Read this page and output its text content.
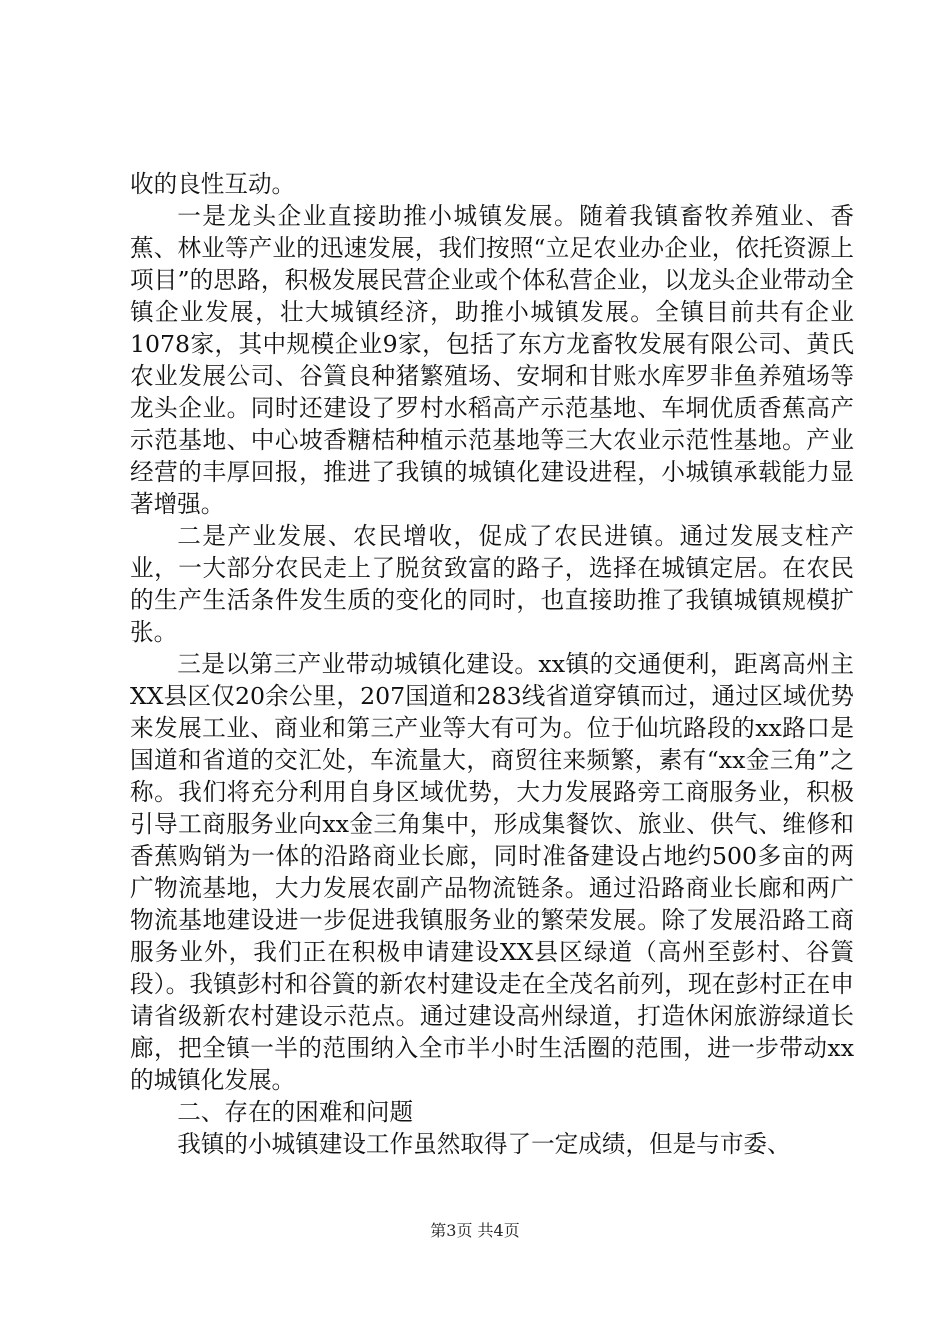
收的良性互动。

一是龙头企业直接助推小城镇发展。随着我镇畜牧养殖业、香蕉、林业等产业的迅速发展，我们按照“立足农业办企业，依托资源上项目”的思路，积极发展民营企业或个体私营企业，以龙头企业带动全镇企业发展，壮大城镇经济，助推小城镇发展。全镇目前共有企业1078家，其中规模企业9家，包括了东方龙畜牧发展有限公司、黄氏农业发展公司、谷篢良种猪繁殖场、安垌和甘账水库罗非鱼养殖场等龙头企业。同时还建设了罗村水稻高产示范基地、车垌优质香蕉高产示范基地、中心坡香糖桔种植示范基地等三大农业示范性基地。产业经营的丰厚回报，推进了我镇的城镇化建设进程，小城镇承载能力显著增强。

二是产业发展、农民增收，促成了农民进镇。通过发展支柱产业，一大部分农民走上了脱贫致富的路子，选择在城镇定居。在农民的生产生活条件发生质的变化的同时，也直接助推了我镇城镇规模扩张。

三是以第三产业带动城镇化建设。xx镇的交通便利，距离高州主XX县区仅20余公里，207国道和283线省道穿镇而过，通过区域优势来发展工业、商业和第三产业等大有可为。位于仙坑路段的xx路口是国道和省道的交汇处，车流量大，商贸往来频繁，素有“xx金三角”之称。我们将充分利用自身区域优势，大力发展路旁工商服务业，积极引导工商服务业向xx金三角集中，形成集餐饮、旅业、供气、维修和香蕉购销为一体的沿路商业长廊，同时准备建设占地约500多亩的两广物流基地，大力发展农副产品物流链条。通过沿路商业长廊和两广物流基地建设进一步促进我镇服务业的繁荣发展。除了发展沿路工商服务业外，我们正在积极申请建设XX县区绿道（高州至彭村、谷篢段）。我镇彭村和谷篢的新农村建设走在全茂名前列，现在彭村正在申请省级新农村建设示范点。通过建设高州绿道，打造休闲旅游绿道长廊，把全镇一半的范围纳入全市半小时生活圈的范围，进一步带动xx的城镇化发展。

二、存在的困难和问题

我镇的小城镇建设工作虽然取得了一定成绩，但是与市委、

第3页 共4页
